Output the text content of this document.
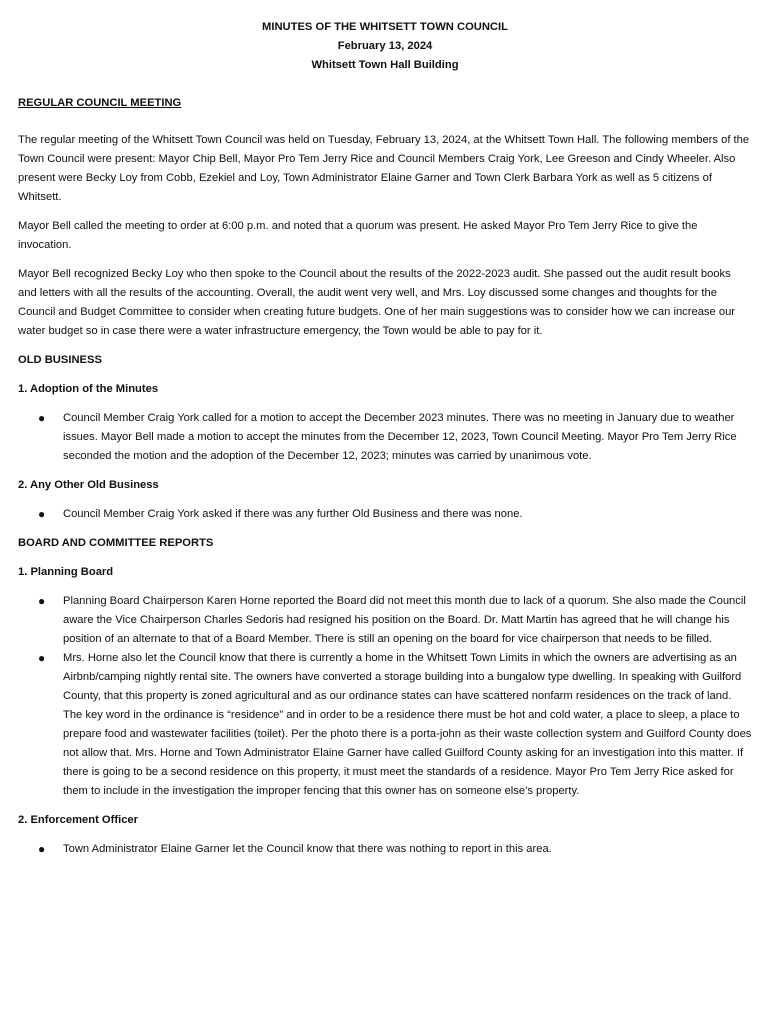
MINUTES OF THE WHITSETT TOWN COUNCIL
February 13, 2024
Whitsett Town Hall Building
REGULAR COUNCIL MEETING

The regular meeting of the Whitsett Town Council was held on Tuesday, February 13, 2024, at the Whitsett Town Hall. The following members of the Town Council were present: Mayor Chip Bell, Mayor Pro Tem Jerry Rice and Council Members Craig York, Lee Greeson and Cindy Wheeler. Also present were Becky Loy from Cobb, Ezekiel and Loy, Town Administrator Elaine Garner and Town Clerk Barbara York as well as 5 citizens of Whitsett.

Mayor Bell called the meeting to order at 6:00 p.m. and noted that a quorum was present. He asked Mayor Pro Tem Jerry Rice to give the invocation.

Mayor Bell recognized Becky Loy who then spoke to the Council about the results of the 2022-2023 audit. She passed out the audit result books and letters with all the results of the accounting. Overall, the audit went very well, and Mrs. Loy discussed some changes and thoughts for the Council and Budget Committee to consider when creating future budgets. One of her main suggestions was to consider how we can increase our water budget so in case there were a water infrastructure emergency, the Town would be able to pay for it.

OLD BUSINESS
1. Adoption of the Minutes
● Council Member Craig York called for a motion to accept the December 2023 minutes. There was no meeting in January due to weather issues. Mayor Bell made a motion to accept the minutes from the December 12, 2023, Town Council Meeting. Mayor Pro Tem Jerry Rice seconded the motion and the adoption of the December 12, 2023; minutes was carried by unanimous vote.
2. Any Other Old Business
● Council Member Craig York asked if there was any further Old Business and there was none.
BOARD AND COMMITTEE REPORTS
1. Planning Board
● Planning Board Chairperson Karen Horne reported the Board did not meet this month due to lack of a quorum. She also made the Council aware the Vice Chairperson Charles Sedoris had resigned his position on the Board. Dr. Matt Martin has agreed that he will change his position of an alternate to that of a Board Member. There is still an opening on the board for vice chairperson that needs to be filled.
● Mrs. Horne also let the Council know that there is currently a home in the Whitsett Town Limits in which the owners are advertising as an Airbnb/camping nightly rental site. The owners have converted a storage building into a bungalow type dwelling. In speaking with Guilford County, that this property is zoned agricultural and as our ordinance states can have scattered nonfarm residences on the track of land. The key word in the ordinance is “residence” and in order to be a residence there must be hot and cold water, a place to sleep, a place to prepare food and wastewater facilities (toilet). Per the photo there is a porta-john as their waste collection system and Guilford County does not allow that. Mrs. Horne and Town Administrator Elaine Garner have called Guilford County asking for an investigation into this matter. If there is going to be a second residence on this property, it must meet the standards of a residence. Mayor Pro Tem Jerry Rice asked for them to include in the investigation the improper fencing that this owner has on someone else’s property.
2. Enforcement Officer
● Town Administrator Elaine Garner let the Council know that there was nothing to report in this area.
